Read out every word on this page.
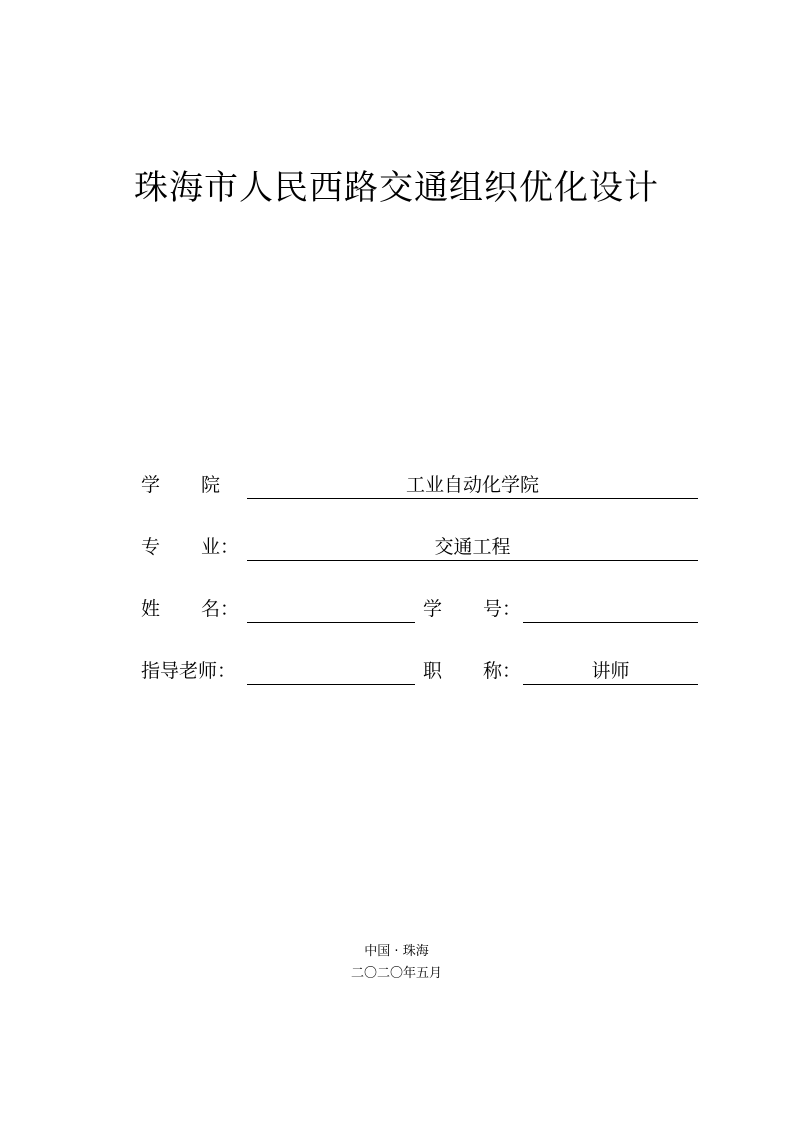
珠海市人民西路交通组织优化设计
学 院	工业自动化学院
专 业：	交通工程
姓 名：	学 号：
指导老师：	职 称：	讲师
中国 · 珠海
二〇二〇年五月
